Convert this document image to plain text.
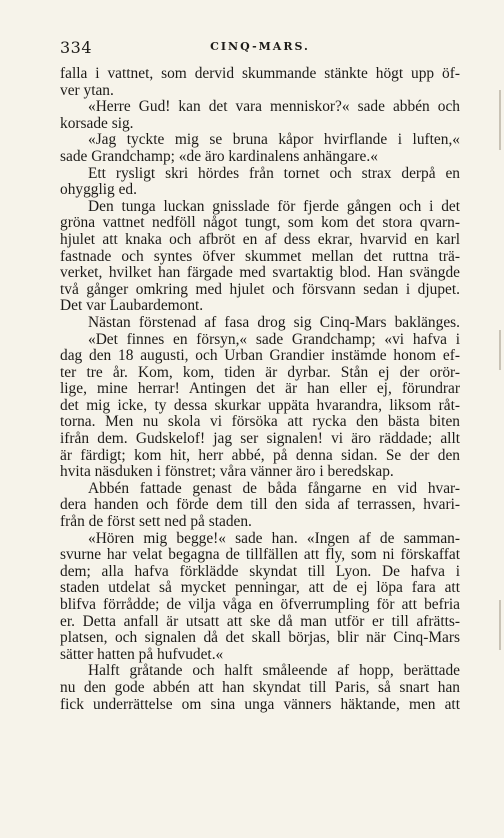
334	CINQ-MARS.
falla i vattnet, som dervid skummande stänkte högt upp öf-
ver ytan.
«Herre Gud! kan det vara menniskor?« sade abbén och
korsade sig.
«Jag tyckte mig se bruna kåpor hvirflande i luften,«
sade Grandchamp; «de äro kardinalens anhängare.«
Ett rysligt skri hördes från tornet och strax derpå en
ohygglig ed.
Den tunga luckan gnisslade för fjerde gången och i det
gröna vattnet nedföll något tungt, som kom det stora qvarn-
hjulet att knaka och afbröt en af dess ekrar, hvarvid en karl
fastnade och syntes öfver skummet mellan det ruttna trä-
verket, hvilket han färgade med svartaktig blod. Han svängde
två gånger omkring med hjulet och försvann sedan i djupet.
Det var Laubardemont.
Nästan förstenad af fasa drog sig Cinq-Mars baklänges.
«Det finnes en försyn,« sade Grandchamp; «vi hafva i
dag den 18 augusti, och Urban Grandier instämde honom ef-
ter tre år. Kom, kom, tiden är dyrbar. Stån ej der orör-
lige, mine herrar! Antingen det är han eller ej, förundrar
det mig icke, ty dessa skurkar uppäta hvarandra, liksom råt-
torna. Men nu skola vi försöka att rycka den bästa biten
ifrån dem. Gudskelof! jag ser signalen! vi äro räddade; allt
är färdigt; kom hit, herr abbé, på denna sidan. Se der den
hvita näsduken i fönstret; våra vänner äro i beredskap.
Abbén fattade genast de båda fångarne en vid hvar-
dera handen och förde dem till den sida af terrassen, hvari-
från de först sett ned på staden.
«Hören mig begge!« sade han. «Ingen af de samman-
svurne har velat begagna de tillfällen att fly, som ni förskaffat
dem; alla hafva förklädde skyndat till Lyon. De hafva i
staden utdelat så mycket penningar, att de ej löpa fara att
blifva förrådde; de vilja våga en öfverrumpling för att befria
er. Detta anfall är utsatt att ske då man utför er till afrätts-
platsen, och signalen då det skall börjas, blir när Cinq-Mars
sätter hatten på hufvudet.«
Halft gråtande och halft småleende af hopp, berättade
nu den gode abbén att han skyndat till Paris, så snart han
fick underrättelse om sina unga vänners häktande, men att
